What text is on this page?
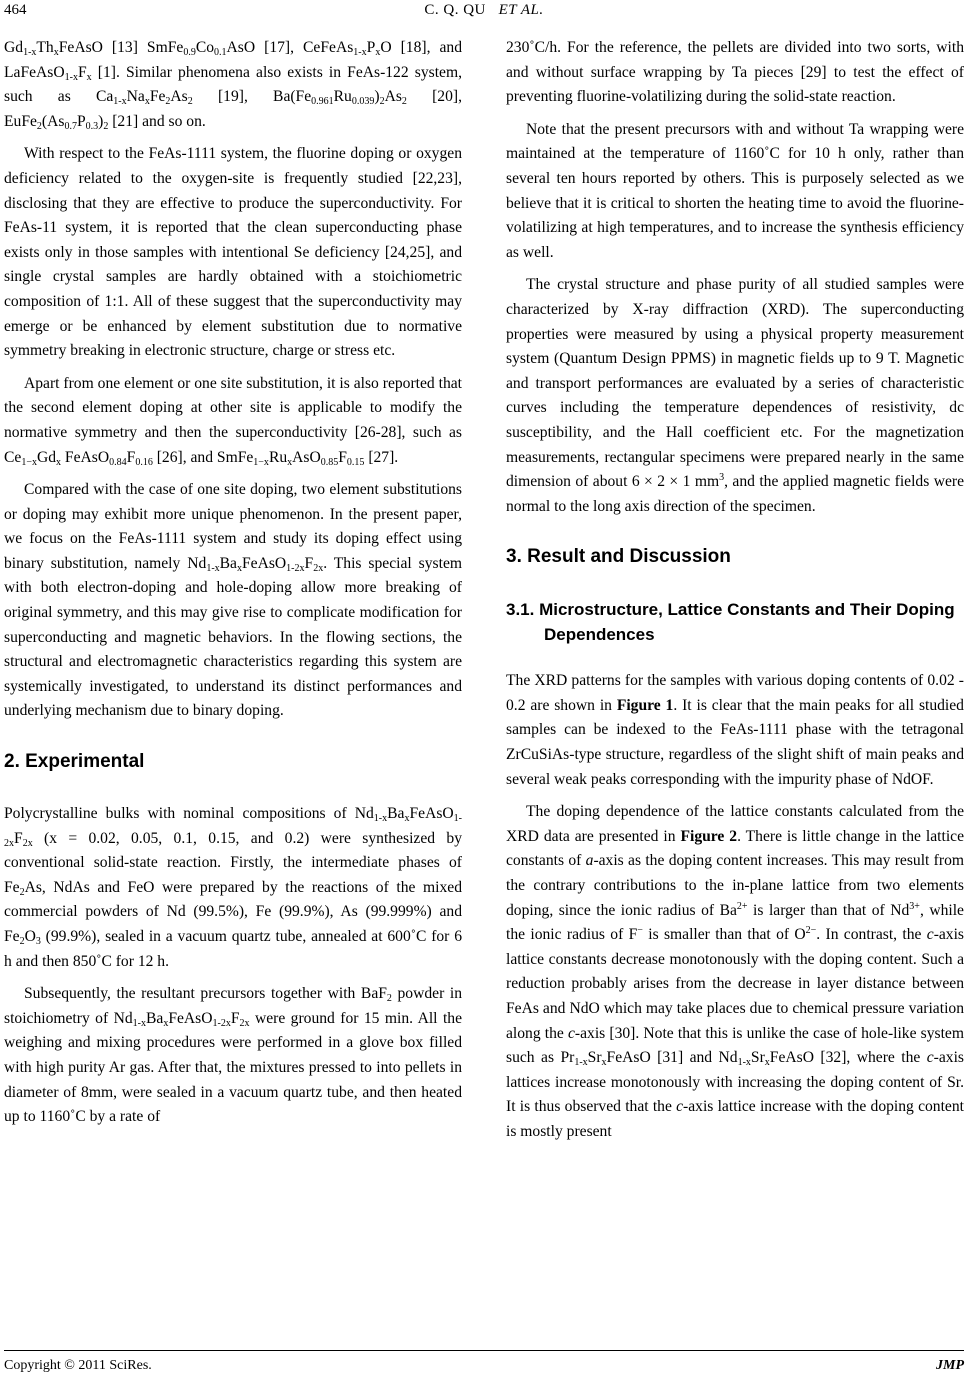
464	C. Q. QU ET AL.

$Gd_{1-x}Th_xFeAsO$ [13] $SmFe_{0.9}Co_{0.1}AsO$ [17], $CeFeAs_{1-x}P_xO$ [18], and $LaFeAsO_{1-x}F_x$ [1]. Similar phenomena also exists in FeAs-122 system, such as $Ca_{1-x}Na_xFe_2As_2$ [19], $Ba(Fe_{0.961}Ru_{0.039})_2As_2$ [20], $EuFe_2(As_{0.7}P_{0.3})_2$ [21] and so on.

With respect to the FeAs-1111 system, the fluorine doping or oxygen deficiency related to the oxygen-site is frequently studied [22,23], disclosing that they are effective to produce the superconductivity. For FeAs-11 system, it is reported that the clean superconducting phase exists only in those samples with intentional Se deficiency [24,25], and single crystal samples are hardly obtained with a stoichiometric composition of 1:1. All of these suggest that the superconductivity may emerge or be enhanced by element substitution due to normative symmetry breaking in electronic structure, charge or stress etc.

Apart from one element or one site substitution, it is also reported that the second element doping at other site is applicable to modify the normative symmetry and then the superconductivity [26-28], such as $Ce_{1-x}Gd_x$ $FeAsO_{0.84}F_{0.16}$ [26], and $SmFe_{1-x}Ru_xAsO_{0.85}F_{0.15}$ [27].

Compared with the case of one site doping, two element substitutions or doping may exhibit more unique phenomenon. In the present paper, we focus on the FeAs-1111 system and study its doping effect using binary substitution, namely $Nd_{1-x}Ba_xFeAsO_{1-2x}F_{2x}$. This special system with both electron-doping and hole-doping allow more breaking of original symmetry, and this may give rise to complicate modification for superconducting and magnetic behaviors. In the flowing sections, the structural and electromagnetic characteristics regarding this system are systemically investigated, to understand its distinct performances and underlying mechanism due to binary doping.

2. Experimental

Polycrystalline bulks with nominal compositions of $Nd_{1-x}Ba_xFeAsO_{1-2x}F_{2x}$ (x = 0.02, 0.05, 0.1, 0.15, and 0.2) were synthesized by conventional solid-state reaction. Firstly, the intermediate phases of $Fe_2As$, NdAs and FeO were prepared by the reactions of the mixed commercial powders of Nd (99.5%), Fe (99.9%), As (99.999%) and $Fe_2O_3$ (99.9%), sealed in a vacuum quartz tube, annealed at 600˚C for 6 h and then 850˚C for 12 h.

Subsequently, the resultant precursors together with BaF$_2$ powder in stoichiometry of $Nd_{1-x}Ba_xFeAsO_{1-2x}F_{2x}$ were ground for 15 min. All the weighing and mixing procedures were performed in a glove box filled with high purity Ar gas. After that, the mixtures pressed to into pellets in diameter of 8mm, were sealed in a vacuum quartz tube, and then heated up to 1160˚C by a rate of

230˚C/h. For the reference, the pellets are divided into two sorts, with and without surface wrapping by Ta pieces [29] to test the effect of preventing fluorine-volatilizing during the solid-state reaction.

Note that the present precursors with and without Ta wrapping were maintained at the temperature of 1160˚C for 10 h only, rather than several ten hours reported by others. This is purposely selected as we believe that it is critical to shorten the heating time to avoid the fluorine-volatilizing at high temperatures, and to increase the synthesis efficiency as well.

The crystal structure and phase purity of all studied samples were characterized by X-ray diffraction (XRD). The superconducting properties were measured by using a physical property measurement system (Quantum Design PPMS) in magnetic fields up to 9 T. Magnetic and transport performances are evaluated by a series of characteristic curves including the temperature dependences of resistivity, dc susceptibility, and the Hall coefficient etc. For the magnetization measurements, rectangular specimens were prepared nearly in the same dimension of about 6 × 2 × 1 $mm^3$, and the applied magnetic fields were normal to the long axis direction of the specimen.

3. Result and Discussion
3.1. Microstructure, Lattice Constants and Their Doping Dependences

The XRD patterns for the samples with various doping contents of 0.02 - 0.2 are shown in Figure 1. It is clear that the main peaks for all studied samples can be indexed to the FeAs-1111 phase with the tetragonal ZrCuSiAs-type structure, regardless of the slight shift of main peaks and several weak peaks corresponding with the impurity phase of NdOF.

The doping dependence of the lattice constants calculated from the XRD data are presented in Figure 2. There is little change in the lattice constants of a-axis as the doping content increases. This may result from the contrary contributions to the in-plane lattice from two elements doping, since the ionic radius of $Ba^{2+}$ is larger than that of $Nd^{3+}$, while the ionic radius of F− is smaller than that of $O^{2-}$. In contrast, the c-axis lattice constants decrease monotonously with the doping content. Such a reduction probably arises from the decrease in layer distance between FeAs and NdO which may take places due to chemical pressure variation along the c-axis [30]. Note that this is unlike the case of hole-like system such as $Pr_{1-x}Sr_xFeAsO$ [31] and $Nd_{1-x}Sr_xFeAsO$ [32], where the c-axis lattices increase monotonously with increasing the doping content of Sr. It is thus observed that the c-axis lattice increase with the doping content is mostly present

Copyright © 2011 SciRes.	JMP
